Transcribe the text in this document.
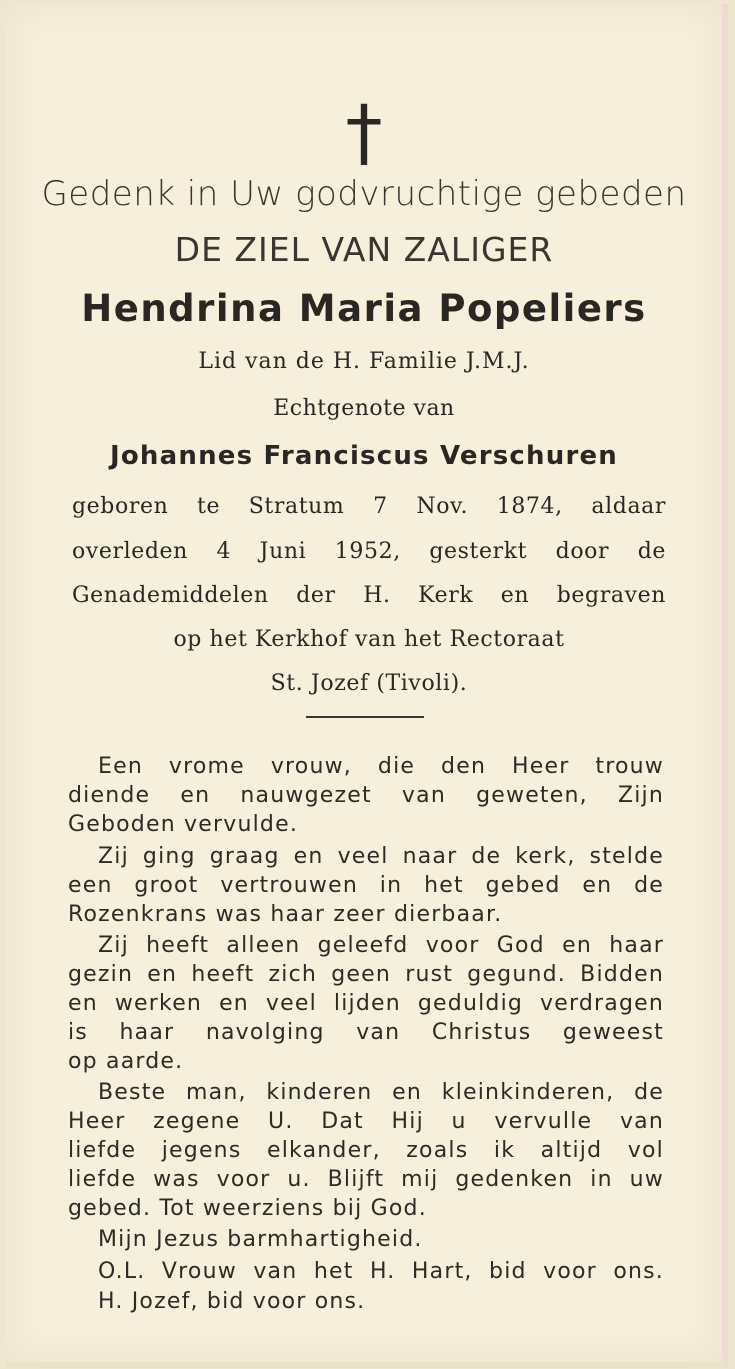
†
Gedenk in Uw godvruchtige gebeden
DE ZIEL VAN ZALIGER
Hendrina Maria Popeliers
Lid van de H. Familie J.M.J.
Echtgenote van
Johannes Franciscus Verschuren
geboren te Stratum 7 Nov. 1874, aldaar
overleden 4 Juni 1952, gesterkt door de
Genademiddelen der H. Kerk en begraven
op het Kerkhof van het Rectoraat
St. Jozef (Tivoli).
Een vrome vrouw, die den Heer trouw
diende en nauwgezet van geweten, Zijn
Geboden vervulde.
Zij ging graag en veel naar de kerk, stelde
een groot vertrouwen in het gebed en de
Rozenkrans was haar zeer dierbaar.
Zij heeft alleen geleefd voor God en haar
gezin en heeft zich geen rust gegund. Bidden
en werken en veel lijden geduldig verdragen
is haar navolging van Christus geweest
op aarde.
Beste man, kinderen en kleinkinderen, de
Heer zegene U. Dat Hij u vervulle van
liefde jegens elkander, zoals ik altijd vol
liefde was voor u. Blijft mij gedenken in uw
gebed. Tot weerziens bij God.
Mijn Jezus barmhartigheid.
O.L. Vrouw van het H. Hart, bid voor ons.
H. Jozef, bid voor ons.
